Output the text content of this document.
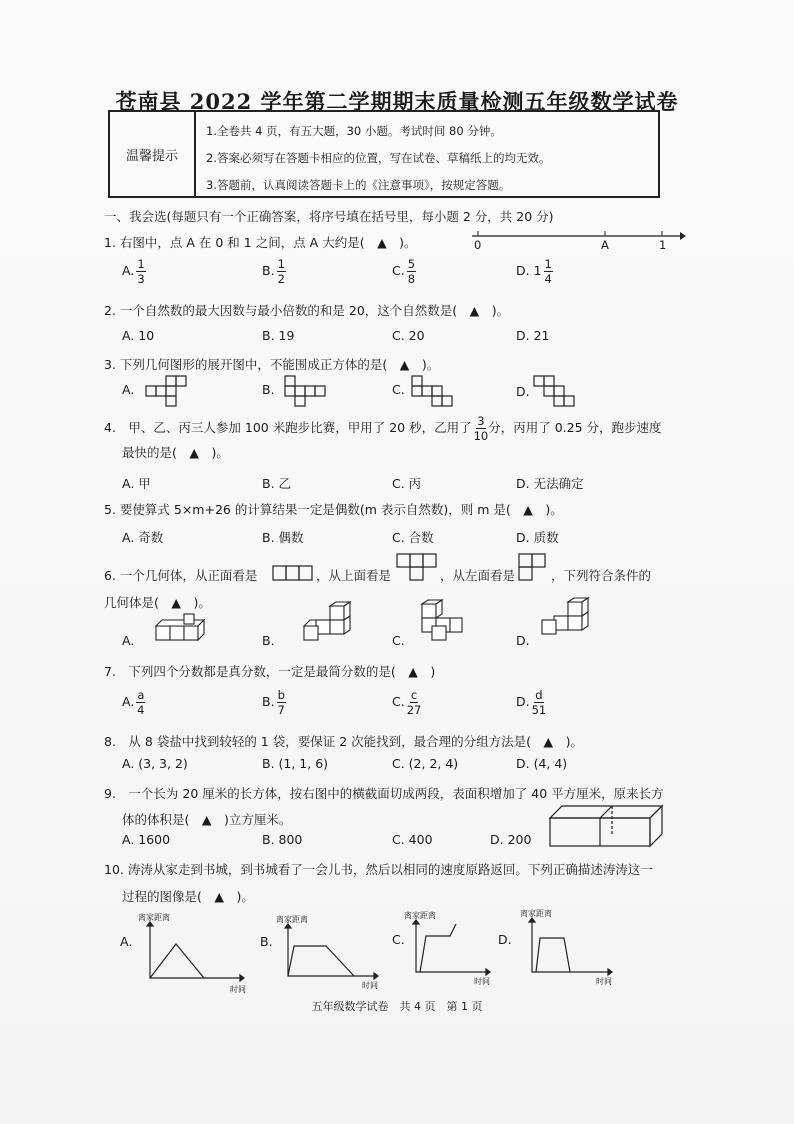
苍南县 2022 学年第二学期期末质量检测五年级数学试卷
温馨提示
1.全卷共 4 页，有五大题，30 小题。考试时间 80 分钟。
2.答案必须写在答题卡相应的位置，写在试卷、草稿纸上的均无效。
3.答题前，认真阅读答题卡上的《注意事项》，按规定答题。
一、我会选(每题只有一个正确答案，将序号填在括号里，每小题 2 分，共 20 分)
1. 右图中，点 A 在 0 和 1 之间，点 A 大约是(　▲　)。	0	A	1
A. $\frac{1}{3}$	B. $\frac{1}{2}$	C. $\frac{5}{8}$	D. $1 \frac{1}{4}$
2. 一个自然数的最大因数与最小倍数的和是 20，这个自然数是(　▲　)。
A. 10	B. 19	C. 20	D. 21
3. 下列几何图形的展开图中，不能围成正方体的是(　▲　)。
A.	B.	C.	D.
4.　甲、乙、丙三人参加 100 米跑步比赛，甲用了 20 秒，乙用了 $\frac{3}{10}$ 分，丙用了 0.25 分，跑步速度
最快的是(　▲　)。
A. 甲	B. 乙	C. 丙	D. 无法确定
5. 要使算式 5×m+26 的计算结果一定是偶数(m 表示自然数)，则 m 是(　▲　)。
A. 奇数	B. 偶数	C. 合数	D. 质数
6. 一个几何体，从正面看是	，从上面看是	，从左面看是	，下列符合条件的
几何体是(　▲　)。
A.	B.	C.	D.
7.　下列四个分数都是真分数，一定是最简分数的是(　▲　)
A. $\frac{a}{4}$	B. $\frac{b}{7}$	C. $\frac{c}{27}$	D. $\frac{d}{51}$
8.　从 8 袋盐中找到较轻的 1 袋，要保证 2 次能找到，最合理的分组方法是(　▲　)。
A. (3, 3, 2)	B. (1, 1, 6)	C. (2, 2, 4)	D. (4, 4)
9.　一个长为 20 厘米的长方体，按右图中的横截面切成两段，表面积增加了 40 平方厘米，原来长方
体的体积是(　▲　)立方厘米。
A. 1600	B. 800	C. 400	D. 200
10. 涛涛从家走到书城，到书城看了一会儿书，然后以相同的速度原路返回。下列正确描述涛涛这一
过程的图像是(　▲　)。
A.
离家距离
时间
B.
离家距离
时间
C.
离家距离
时间
D.
离家距离
时间
五年级数学试卷　共 4 页　第 1 页
